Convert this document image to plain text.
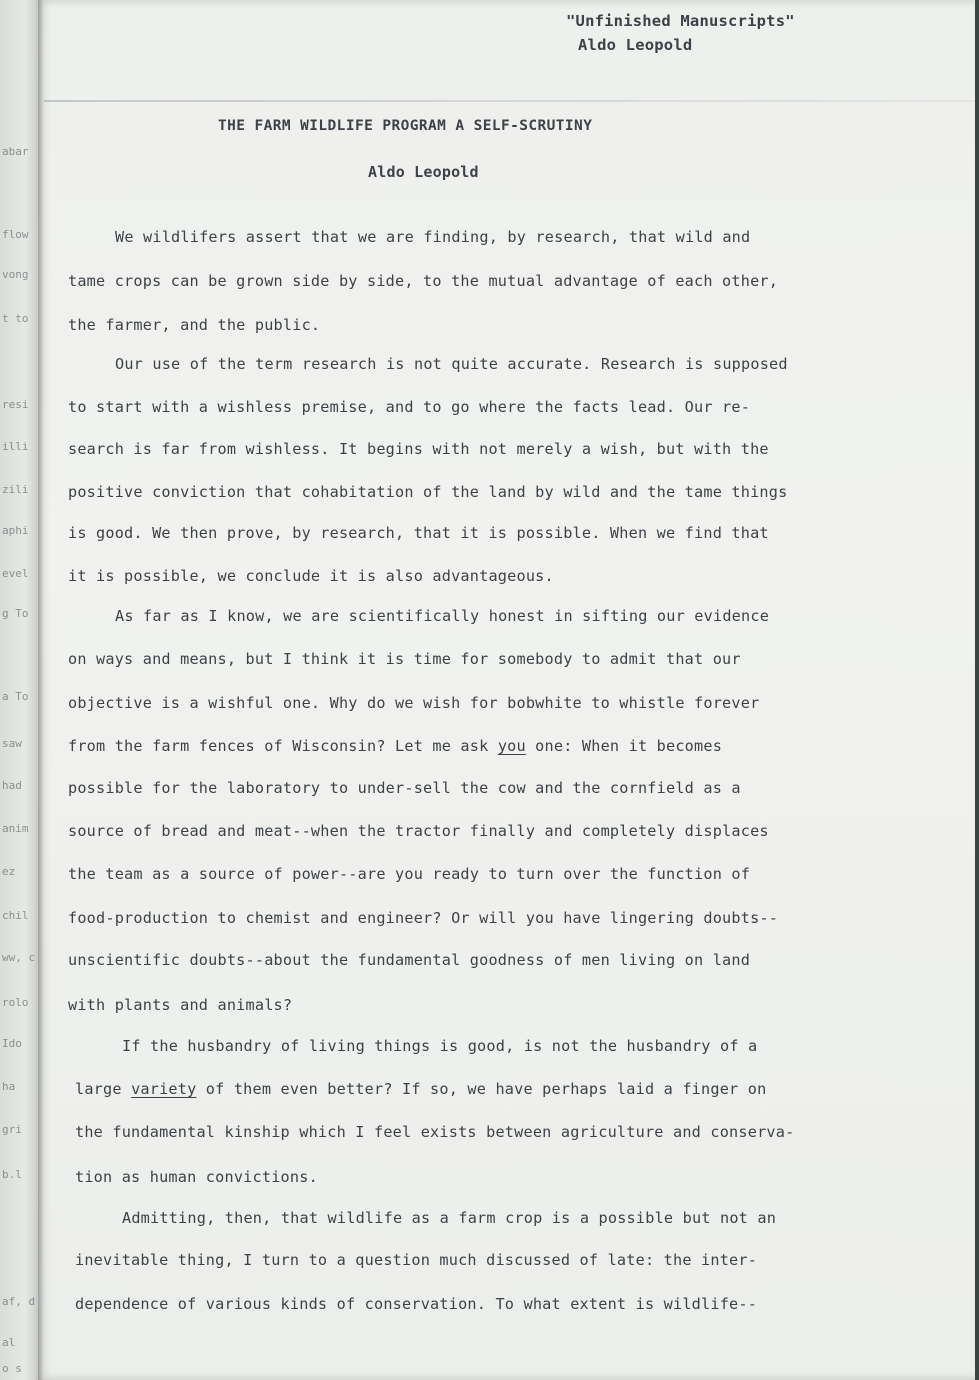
abar
flow
vong
t to
resi
illi
zili
aphi
evel
g To
a To
saw
had
anim
ez
chil
ww, c
rolo
Ido
ha
gri
b.l
af, d
al
o s
"Unfinished Manuscripts"
Aldo Leopold
THE FARM WILDLIFE PROGRAM A SELF-SCRUTINY
Aldo Leopold
We wildlifers assert that we are finding, by research, that wild and
tame crops can be grown side by side, to the mutual advantage of each other,
the farmer, and the public.
Our use of the term research is not quite accurate. Research is supposed
to start with a wishless premise, and to go where the facts lead. Our re-
search is far from wishless. It begins with not merely a wish, but with the
positive conviction that cohabitation of the land by wild and the tame things
is good. We then prove, by research, that it is possible. When we find that
it is possible, we conclude it is also advantageous.
As far as I know, we are scientifically honest in sifting our evidence
on ways and means, but I think it is time for somebody to admit that our
objective is a wishful one. Why do we wish for bobwhite to whistle forever
from the farm fences of Wisconsin? Let me ask you one: When it becomes
possible for the laboratory to under-sell the cow and the cornfield as a
source of bread and meat--when the tractor finally and completely displaces
the team as a source of power--are you ready to turn over the function of
food-production to chemist and engineer? Or will you have lingering doubts--
unscientific doubts--about the fundamental goodness of men living on land
with plants and animals?
If the husbandry of living things is good, is not the husbandry of a
large variety of them even better? If so, we have perhaps laid a finger on
the fundamental kinship which I feel exists between agriculture and conserva-
tion as human convictions.
Admitting, then, that wildlife as a farm crop is a possible but not an
inevitable thing, I turn to a question much discussed of late: the inter-
dependence of various kinds of conservation. To what extent is wildlife--
